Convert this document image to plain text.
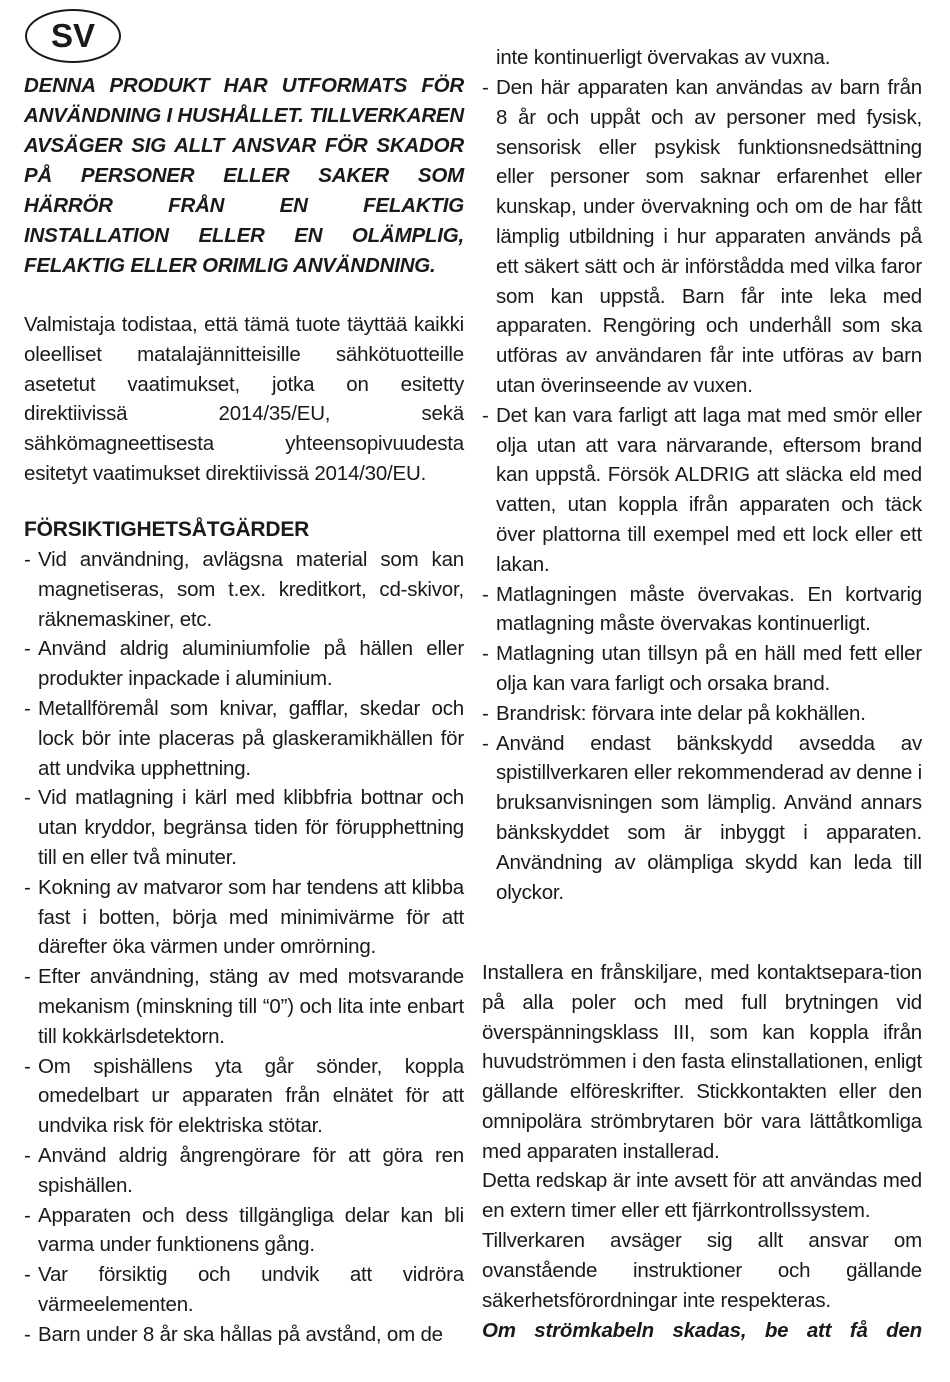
SV
DENNA PRODUKT HAR UTFORMATS FÖR ANVÄNDNING I HUSHÅLLET. TILLVERKAREN AVSÄGER SIG ALLT ANSVAR FÖR SKADOR PÅ PERSONER ELLER SAKER SOM HÄRRÖR FRÅN EN FELAKTIG INSTALLATION ELLER EN OLÄMPLIG, FELAKTIG ELLER ORIMLIG ANVÄNDNING.

Valmistaja todistaa, että tämä tuote täyttää kaikki oleelliset matalajännitteisille sähkötuotteille asetetut vaatimukset, jotka on esitetty direktiivissä 2014/35/EU, sekä sähkömagneettisesta yhteensopivuudesta esitetyt vaatimukset direktiivissä 2014/30/EU.

FÖRSIKTIGHETSÅTGÄRDER
- Vid användning, avlägsna material som kan magnetiseras, som t.ex. kreditkort, cd-skivor, räknemaskiner, etc.
- Använd aldrig aluminiumfolie på hällen eller produkter inpackade i aluminium.
- Metallföremål som knivar, gafflar, skedar och lock bör inte placeras på glaskeramikhällen för att undvika upphettning.
- Vid matlagning i kärl med klibbfria bottnar och utan kryddor, begränsa tiden för förupphettning till en eller två minuter.
- Kokning av matvaror som har tendens att klibba fast i botten, börja med minimivärme för att därefter öka värmen under omrörning.
- Efter användning, stäng av med motsvarande mekanism (minskning till “0”) och lita inte enbart till kokkärlsdetektorn.
- Om spishällens yta går sönder, koppla omedelbart ur apparaten från elnätet för att undvika risk för elektriska stötar.
- Använd aldrig ångrengörare för att göra ren spishällen.
- Apparaten och dess tillgängliga delar kan bli varma under funktionens gång.
- Var försiktig och undvik att vidröra värmeelementen.
- Barn under 8 år ska hållas på avstånd, om de

inte kontinuerligt övervakas av vuxna.

- Den här apparaten kan användas av barn från 8 år och uppåt och av personer med fysisk, sensorisk eller psykisk funktionsnedsättning eller personer som saknar erfarenhet eller kunskap, under övervakning och om de har fått lämplig utbildning i hur apparaten används på ett säkert sätt och är införstådda med vilka faror som kan uppstå. Barn får inte leka med apparaten. Rengöring och underhåll som ska utföras av användaren får inte utföras av barn utan överinseende av vuxen.
- Det kan vara farligt att laga mat med smör eller olja utan att vara närvarande, eftersom brand kan uppstå. Försök ALDRIG att släcka eld med vatten, utan koppla ifrån apparaten och täck över plattorna till exempel med ett lock eller ett lakan.
- Matlagningen måste övervakas. En kortvarig matlagning måste övervakas kontinuerligt.
- Matlagning utan tillsyn på en häll med fett eller olja kan vara farligt och orsaka brand.
- Brandrisk: förvara inte delar på kokhällen.
- Använd endast bänkskydd avsedda av spistillverkaren eller rekommenderad av denne i bruksanvisningen som lämplig. Använd annars bänkskyddet som är inbyggt i apparaten. Användning av olämpliga skydd kan leda till olyckor.

Installera en frånskiljare, med kontaktsepara-tion på alla poler och med full brytningen vid överspänningsklass III, som kan koppla ifrån huvudströmmen i den fasta elinstallationen, enligt gällande elföreskrifter. Stickkontakten eller den omnipolära strömbrytaren bör vara lättåtkomliga med apparaten installerad.

Detta redskap är inte avsett för att användas med en extern timer eller ett fjärrkontrollssystem.

Tillverkaren avsäger sig allt ansvar om ovanstående instruktioner och gällande säkerhetsförordningar inte respekteras.

Om strömkabeln skadas, be att få den
